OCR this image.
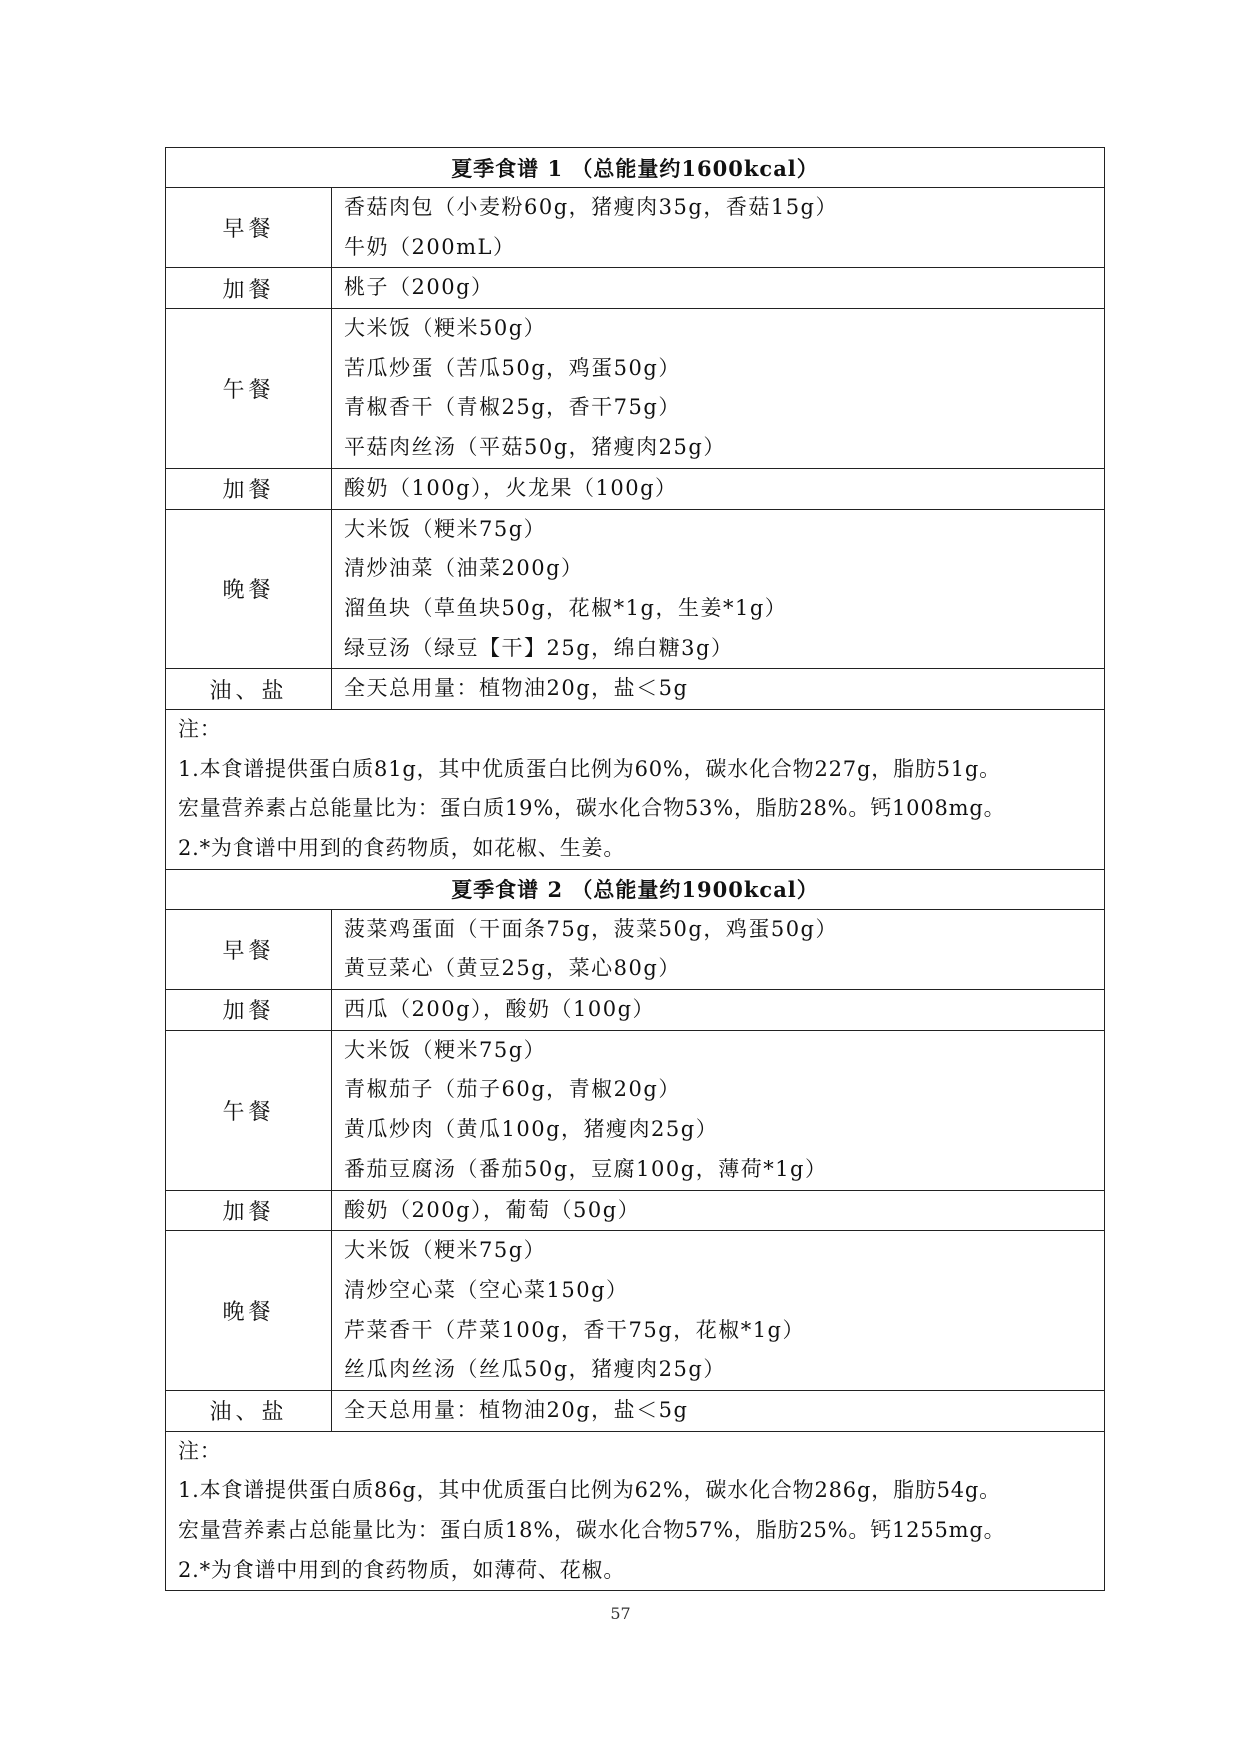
夏季食谱 1 （总能量约1600kcal）	
早餐	香菇肉包（小麦粉60g，猪瘦肉35g，香菇15g）
牛奶（200mL）

加餐	桃子（200g）

午餐	大米饭（粳米50g）
苦瓜炒蛋（苦瓜50g，鸡蛋50g）
青椒香干（青椒25g，香干75g）
平菇肉丝汤（平菇50g，猪瘦肉25g）

加餐	酸奶（100g），火龙果（100g）

晚餐	大米饭（粳米75g）
清炒油菜（油菜200g）
溜鱼块（草鱼块50g，花椒*1g，生姜*1g）
绿豆汤（绿豆【干】25g，绵白糖3g）

油、盐	全天总用量：植物油20g，盐＜5g

注：
1.本食谱提供蛋白质81g，其中优质蛋白比例为60%，碳水化合物227g，脂肪51g。
宏量营养素占总能量比为：蛋白质19%，碳水化合物53%，脂肪28%。钙1008mg。
2.*为食谱中用到的食药物质，如花椒、生姜。	

夏季食谱 2 （总能量约1900kcal）	
早餐	菠菜鸡蛋面（干面条75g，菠菜50g，鸡蛋50g）
黄豆菜心（黄豆25g，菜心80g）

加餐	西瓜（200g），酸奶（100g）

午餐	大米饭（粳米75g）
青椒茄子（茄子60g，青椒20g）
黄瓜炒肉（黄瓜100g，猪瘦肉25g）
番茄豆腐汤（番茄50g，豆腐100g，薄荷*1g）

加餐	酸奶（200g），葡萄（50g）

晚餐	大米饭（粳米75g）
清炒空心菜（空心菜150g）
芹菜香干（芹菜100g，香干75g，花椒*1g）
丝瓜肉丝汤（丝瓜50g，猪瘦肉25g）

油、盐	全天总用量：植物油20g，盐＜5g

注：
1.本食谱提供蛋白质86g，其中优质蛋白比例为62%，碳水化合物286g，脂肪54g。
宏量营养素占总能量比为：蛋白质18%，碳水化合物57%，脂肪25%。钙1255mg。
2.*为食谱中用到的食药物质，如薄荷、花椒。	
57
